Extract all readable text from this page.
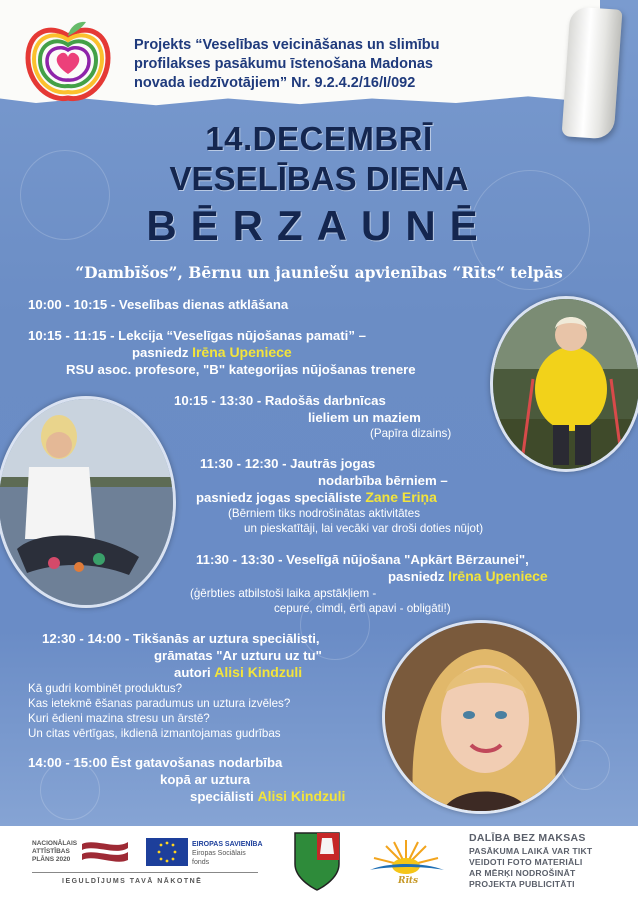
Projekts “Veselības veicināšanas un slimību
profilakses pasākumu īstenošana Madonas
novada iedzīvotājiem” Nr. 9.2.4.2/16/I/092
14.DECEMBRĪ
VESELĪBAS DIENA
BĒRZAUNĒ
“Dambīšos”, Bērnu un jauniešu apvienības “Rīts“ telpās
10:00 - 10:15 - Veselības dienas atklāšana
10:15 - 11:15 - Lekcija “Veselīgas nūjošanas pamati” –
pasniedz Irēna Upeniece
RSU asoc. profesore, "B" kategorijas nūjošanas trenere
10:15 - 13:30 - Radošās darbnīcas
lieliem un maziem
(Papīra dizains)
11:30 - 12:30 - Jautrās jogas
nodarbība bērniem –
pasniedz jogas speciāliste Zane Eriņa
(Bērniem tiks nodrošinātas aktivitātes
un pieskatītāji, lai vecāki var droši doties nūjot)
11:30 - 13:30 - Veselīgā nūjošana "Apkārt Bērzaunei",
pasniedz Irēna Upeniece
(ģērbties atbilstoši laika apstākļiem -
cepure, cimdi, ērti apavi - obligāti!)
12:30 - 14:00 - Tikšanās ar uztura speciālisti,
grāmatas "Ar uzturu uz tu"
autori Alisi Kindzuli
Kā gudri kombinēt produktus?
Kas ietekmē ēšanas paradumus un uztura izvēles?
Kuri ēdieni mazina stresu un ārstē?
Un citas vērtīgas, ikdienā izmantojamas gudrības
14:00 - 15:00 Ēst gatavošanas nodarbība
kopā ar uztura
speciālisti Alisi Kindzuli
NACIONĀLAIS
ATTĪSTĪBAS
PLĀNS 2020
EIROPAS SAVIENĪBA
Eiropas Sociālais
fonds
IEGULDĪJUMS TAVĀ NĀKOTNĒ	Rīts
DALĪBA BEZ MAKSAS
PASĀKUMA LAIKĀ VAR TIKT
VEIDOTI FOTO MATERIĀLI
AR MĒRĶI NODROŠINĀT
PROJEKTA PUBLICITĀTI
